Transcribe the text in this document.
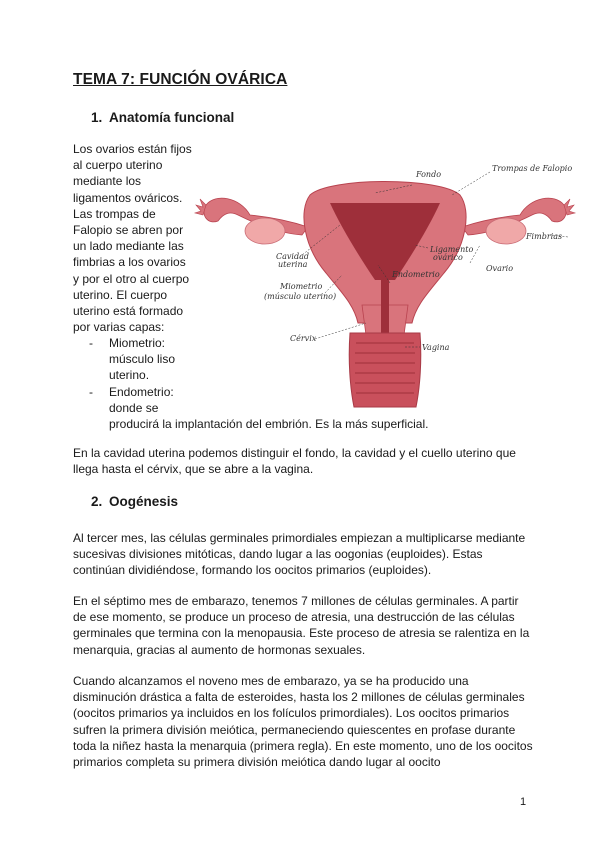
TEMA 7: FUNCIÓN OVÁRICA
1. Anatomía funcional

Los ovarios están fijos

al cuerpo uterino

mediante los

ligamentos ováricos.

Las trompas de

Falopio se abren por

un lado mediante las

fimbrias a los ovarios

y por el otro al cuerpo

uterino. El cuerpo

uterino está formado

por varias capas:

- Miometrio:
músculo liso
uterino.
- Endometrio:
donde se
producirá la implantación del embrión. Es la más superficial.
Fondo
Trompas de Falopio
Fimbrias
Cavidad
uterina
Ligamento
ovárico
Ovario
Endometrio
Miometrio
(músculo uterino)
Cérvix
Vagina

En la cavidad uterina podemos distinguir el fondo, la cavidad y el cuello uterino que llega hasta el cérvix, que se abre a la vagina.

2. Oogénesis

Al tercer mes, las células germinales primordiales empiezan a multiplicarse mediante sucesivas divisiones mitóticas, dando lugar a las oogonias (euploides). Estas continúan dividiéndose, formando los oocitos primarios (euploides).

En el séptimo mes de embarazo, tenemos 7 millones de células germinales. A partir de ese momento, se produce un proceso de atresia, una destrucción de las células germinales que termina con la menopausia. Este proceso de atresia se ralentiza en la menarquia, gracias al aumento de hormonas sexuales.

Cuando alcanzamos el noveno mes de embarazo, ya se ha producido una disminución drástica a falta de esteroides, hasta los 2 millones de células germinales (oocitos primarios ya incluidos en los folículos primordiales). Los oocitos primarios sufren la primera división meiótica, permaneciendo quiescentes en profase durante toda la niñez hasta la menarquia (primera regla). En este momento, uno de los oocitos primarios completa su primera división meiótica dando lugar al oocito

1
